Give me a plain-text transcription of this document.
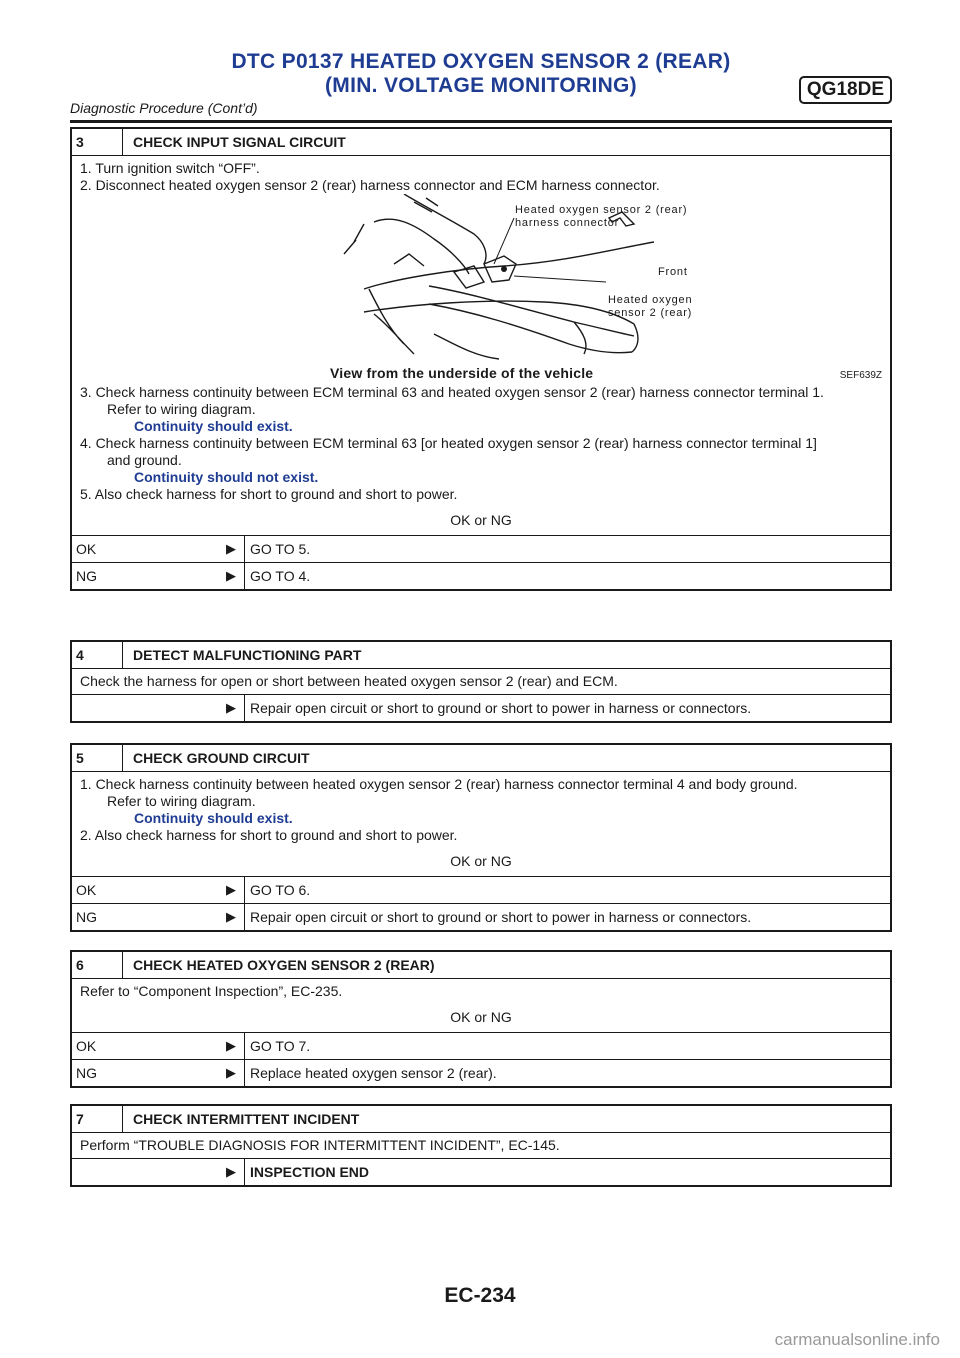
DTC P0137 HEATED OXYGEN SENSOR 2 (REAR)
(MIN. VOLTAGE MONITORING)	QG18DE
Diagnostic Procedure (Cont’d)
3	CHECK INPUT SIGNAL CIRCUIT

1. Turn ignition switch “OFF”.

2. Disconnect heated oxygen sensor 2 (rear) harness connector and ECM harness connector.

Heated oxygen sensor 2 (rear)
harness connector
Front
Heated oxygen
sensor 2 (rear)
View from the underside of the vehicle	SEF639Z

3. Check harness continuity between ECM terminal 63 and heated oxygen sensor 2 (rear) harness connector terminal 1.

Refer to wiring diagram.

Continuity should exist.

4. Check harness continuity between ECM terminal 63 [or heated oxygen sensor 2 (rear) harness connector terminal 1]

and ground.

Continuity should not exist.

5. Also check harness for short to ground and short to power.

OK or NG

OK	▶	GO TO 5.
NG	▶	GO TO 4.
4	DETECT MALFUNCTIONING PART

Check the harness for open or short between heated oxygen sensor 2 (rear) and ECM.

▶	Repair open circuit or short to ground or short to power in harness or connectors.
5	CHECK GROUND CIRCUIT

1. Check harness continuity between heated oxygen sensor 2 (rear) harness connector terminal 4 and body ground.

Refer to wiring diagram.

Continuity should exist.

2. Also check harness for short to ground and short to power.

OK or NG

OK	▶	GO TO 6.
NG	▶	Repair open circuit or short to ground or short to power in harness or connectors.
6	CHECK HEATED OXYGEN SENSOR 2 (REAR)

Refer to “Component Inspection”, EC-235.

OK or NG

OK	▶	GO TO 7.
NG	▶	Replace heated oxygen sensor 2 (rear).
7	CHECK INTERMITTENT INCIDENT

Perform “TROUBLE DIAGNOSIS FOR INTERMITTENT INCIDENT”, EC-145.

▶	INSPECTION END
EC-234
carmanualsonline.info
